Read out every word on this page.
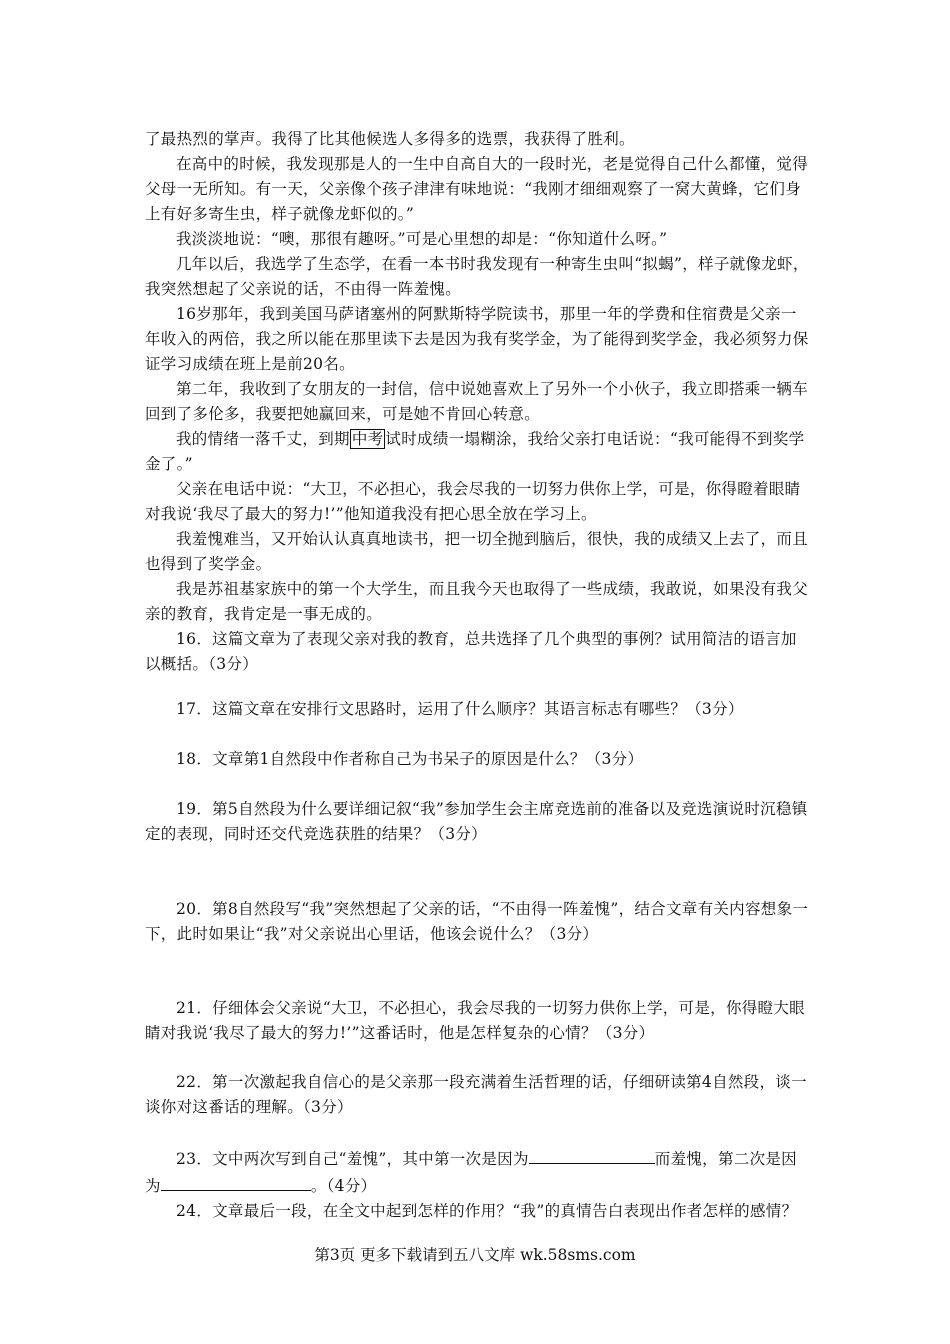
了最热烈的掌声。我得了比其他候选人多得多的选票，我获得了胜利。

在高中的时候，我发现那是人的一生中自高自大的一段时光，老是觉得自己什么都懂，觉得父母一无所知。有一天，父亲像个孩子津津有味地说：“我刚才细细观察了一窝大黄蜂，它们身上有好多寄生虫，样子就像龙虾似的。”

我淡淡地说：“噢，那很有趣呀。”可是心里想的却是：“你知道什么呀。”

几年以后，我选学了生态学，在看一本书时我发现有一种寄生虫叫“拟蝎”，样子就像龙虾，我突然想起了父亲说的话，不由得一阵羞愧。

16岁那年，我到美国马萨诸塞州的阿默斯特学院读书，那里一年的学费和住宿费是父亲一年收入的两倍，我之所以能在那里读下去是因为我有奖学金，为了能得到奖学金，我必须努力保证学习成绩在班上是前20名。

第二年，我收到了女朋友的一封信，信中说她喜欢上了另外一个小伙子，我立即搭乘一辆车回到了多伦多，我要把她赢回来，可是她不肯回心转意。

我的情绪一落千丈，到期 中考 试时成绩一塌糊涂，我给父亲打电话说：“我可能得不到奖学金了。”

父亲在电话中说：“大卫，不必担心，我会尽我的一切努力供你上学，可是，你得瞪着眼睛对我说‘我尽了最大的努力!’”他知道我没有把心思全放在学习上。

我羞愧难当，又开始认认真真地读书，把一切全抛到脑后，很快，我的成绩又上去了，而且也得到了奖学金。

我是苏祖基家族中的第一个大学生，而且我今天也取得了一些成绩，我敢说，如果没有我父亲的教育，我肯定是一事无成的。

16．这篇文章为了表现父亲对我的教育，总共选择了几个典型的事例？试用简洁的语言加以概括。（3分）

17．这篇文章在安排行文思路时，运用了什么顺序？其语言标志有哪些？（3分）

18．文章第1自然段中作者称自己为书呆子的原因是什么？（3分）

19．第5自然段为什么要详细记叙“我”参加学生会主席竞选前的准备以及竞选演说时沉稳镇定的表现，同时还交代竞选获胜的结果？（3分）

20．第8自然段写“我”突然想起了父亲的话，“不由得一阵羞愧”，结合文章有关内容想象一下，此时如果让“我”对父亲说出心里话，他该会说什么？（3分）

21．仔细体会父亲说“大卫，不必担心，我会尽我的一切努力供你上学，可是，你得瞪大眼睛对我说‘我尽了最大的努力!’”这番话时，他是怎样复杂的心情？（3分）

22．第一次激起我自信心的是父亲那一段充满着生活哲理的话，仔细研读第4自然段，谈一谈你对这番话的理解。（3分）

23．文中两次写到自己“羞愧”，其中第一次是因为	而羞愧，第二次是因为	。（4分）

24．文章最后一段，在全文中起到怎样的作用？“我”的真情告白表现出作者怎样的感情？

第3页 更多下载请到五八文库 wk.58sms.com
